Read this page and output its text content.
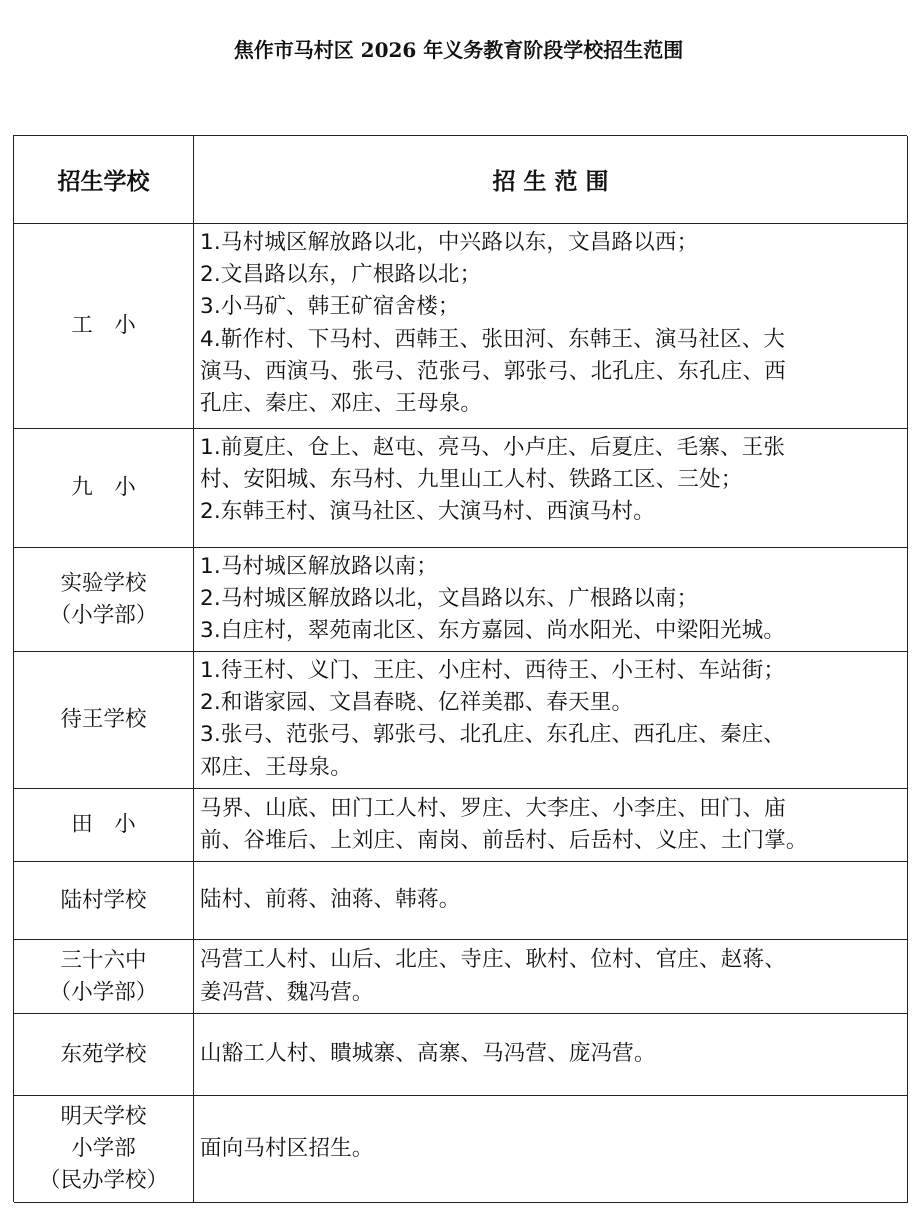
焦作市马村区 2026 年义务教育阶段学校招生范围
招生学校	招 生 范 围
工　小
1.马村城区解放路以北，中兴路以东，文昌路以西；
2.文昌路以东，广根路以北；
3.小马矿、韩王矿宿舍楼；
4.靳作村、下马村、西韩王、张田河、东韩王、演马社区、大
演马、西演马、张弓、范张弓、郭张弓、北孔庄、东孔庄、西
孔庄、秦庄、邓庄、王母泉。
九　小
1.前夏庄、仓上、赵屯、亮马、小卢庄、后夏庄、毛寨、王张
村、安阳城、东马村、九里山工人村、铁路工区、三处；
2.东韩王村、演马社区、大演马村、西演马村。
实验学校
（小学部）
1.马村城区解放路以南；
2.马村城区解放路以北，文昌路以东、广根路以南；
3.白庄村，翠苑南北区、东方嘉园、尚水阳光、中梁阳光城。
待王学校
1.待王村、义门、王庄、小庄村、西待王、小王村、车站街；
2.和谐家园、文昌春晓、亿祥美郡、春天里。
3.张弓、范张弓、郭张弓、北孔庄、东孔庄、西孔庄、秦庄、
邓庄、王母泉。
田　小
马界、山底、田门工人村、罗庄、大李庄、小李庄、田门、庙
前、谷堆后、上刘庄、南岗、前岳村、后岳村、义庄、土门掌。
陆村学校 陆村、前蒋、油蒋、韩蒋。
三十六中
（小学部）
冯营工人村、山后、北庄、寺庄、耿村、位村、官庄、赵蒋、
姜冯营、魏冯营。
东苑学校 山豁工人村、瞶城寨、高寨、马冯营、庞冯营。
明天学校
小学部
（民办学校）
面向马村区招生。
